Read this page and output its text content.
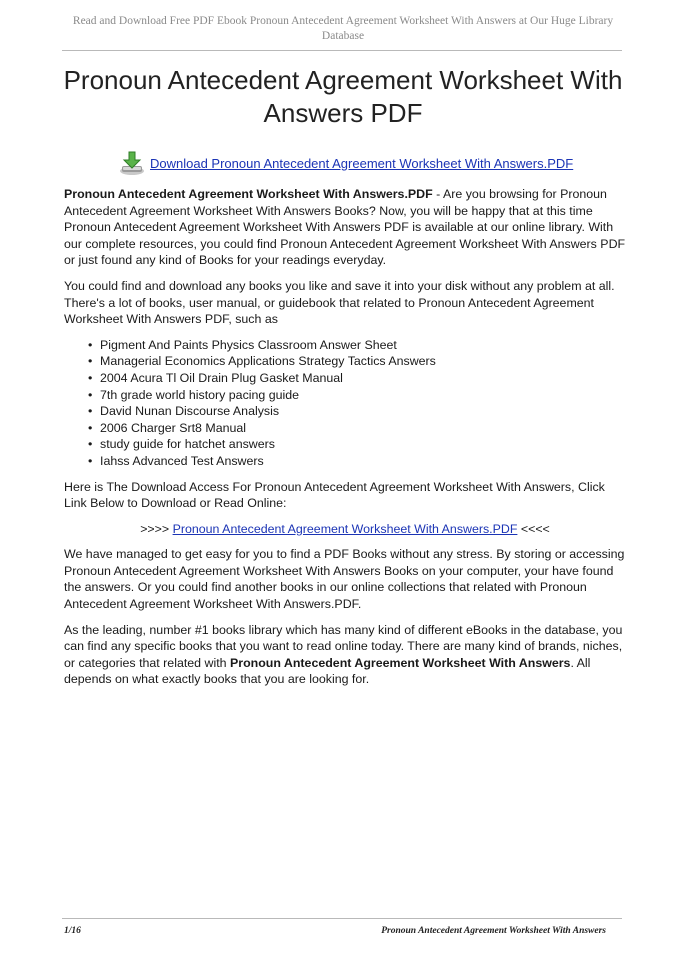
Read and Download Free PDF Ebook Pronoun Antecedent Agreement Worksheet With Answers at Our Huge Library Database
Pronoun Antecedent Agreement Worksheet With Answers PDF
Download Pronoun Antecedent Agreement Worksheet With Answers.PDF

Pronoun Antecedent Agreement Worksheet With Answers.PDF - Are you browsing for Pronoun Antecedent Agreement Worksheet With Answers Books? Now, you will be happy that at this time Pronoun Antecedent Agreement Worksheet With Answers PDF is available at our online library. With our complete resources, you could find Pronoun Antecedent Agreement Worksheet With Answers PDF or just found any kind of Books for your readings everyday.

You could find and download any books you like and save it into your disk without any problem at all. There's a lot of books, user manual, or guidebook that related to Pronoun Antecedent Agreement Worksheet With Answers PDF, such as

• Pigment And Paints Physics Classroom Answer Sheet
• Managerial Economics Applications Strategy Tactics Answers
• 2004 Acura Tl Oil Drain Plug Gasket Manual
• 7th grade world history pacing guide
• David Nunan Discourse Analysis
• 2006 Charger Srt8 Manual
• study guide for hatchet answers
• Iahss Advanced Test Answers

Here is The Download Access For Pronoun Antecedent Agreement Worksheet With Answers, Click Link Below to Download or Read Online:

>>>> Pronoun Antecedent Agreement Worksheet With Answers.PDF <<<<

We have managed to get easy for you to find a PDF Books without any stress. By storing or accessing Pronoun Antecedent Agreement Worksheet With Answers Books on your computer, your have found the answers. Or you could find another books in our online collections that related with Pronoun Antecedent Agreement Worksheet With Answers.PDF.

As the leading, number #1 books library which has many kind of different eBooks in the database, you can find any specific books that you want to read online today. There are many kind of brands, niches, or categories that related with Pronoun Antecedent Agreement Worksheet With Answers. All depends on what exactly books that you are looking for.

1/16	Pronoun Antecedent Agreement Worksheet With Answers
